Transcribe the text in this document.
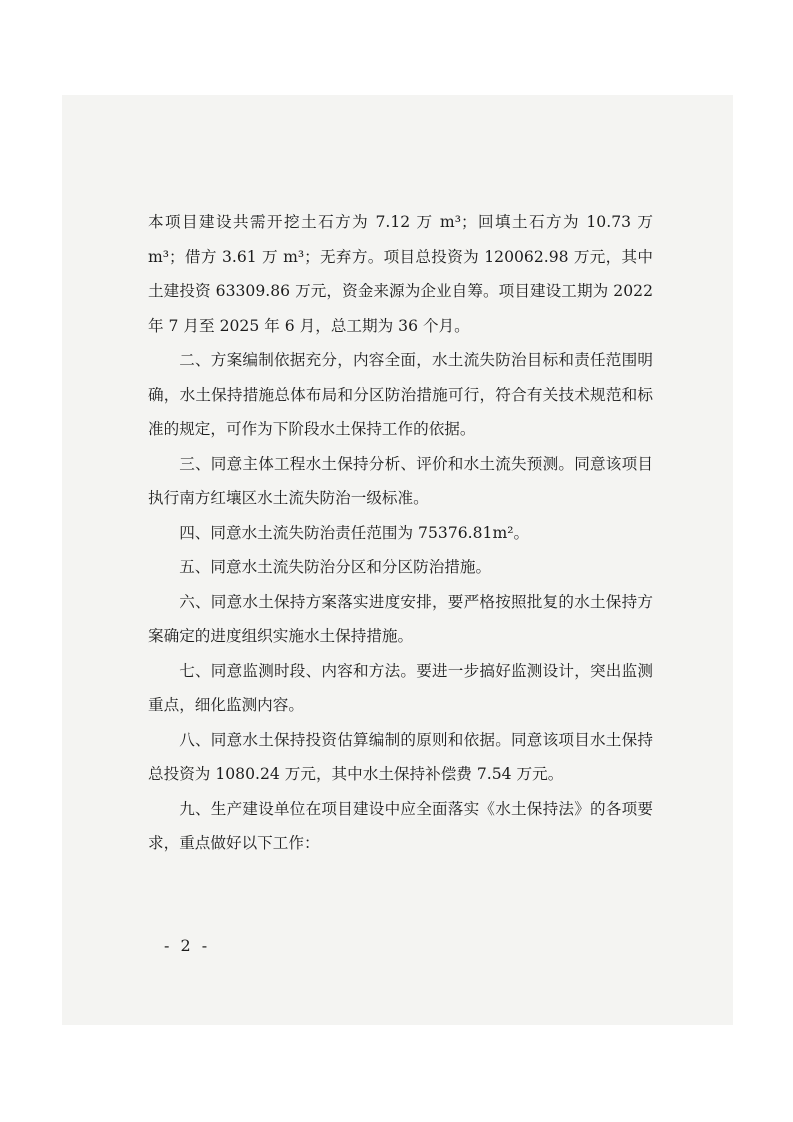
本项目建设共需开挖土石方为 7.12 万 m³；回填土石方为 10.73 万 m³；借方 3.61 万 m³；无弃方。项目总投资为 120062.98 万元，其中土建投资 63309.86 万元，资金来源为企业自筹。项目建设工期为 2022 年 7 月至 2025 年 6 月，总工期为 36 个月。

二、方案编制依据充分，内容全面，水土流失防治目标和责任范围明确，水土保持措施总体布局和分区防治措施可行，符合有关技术规范和标准的规定，可作为下阶段水土保持工作的依据。

三、同意主体工程水土保持分析、评价和水土流失预测。同意该项目执行南方红壤区水土流失防治一级标准。

四、同意水土流失防治责任范围为 75376.81m²。

五、同意水土流失防治分区和分区防治措施。

六、同意水土保持方案落实进度安排，要严格按照批复的水土保持方案确定的进度组织实施水土保持措施。

七、同意监测时段、内容和方法。要进一步搞好监测设计，突出监测重点，细化监测内容。

八、同意水土保持投资估算编制的原则和依据。同意该项目水土保持总投资为 1080.24 万元，其中水土保持补偿费 7.54 万元。

九、生产建设单位在项目建设中应全面落实《水土保持法》的各项要求，重点做好以下工作：

- 2 -
